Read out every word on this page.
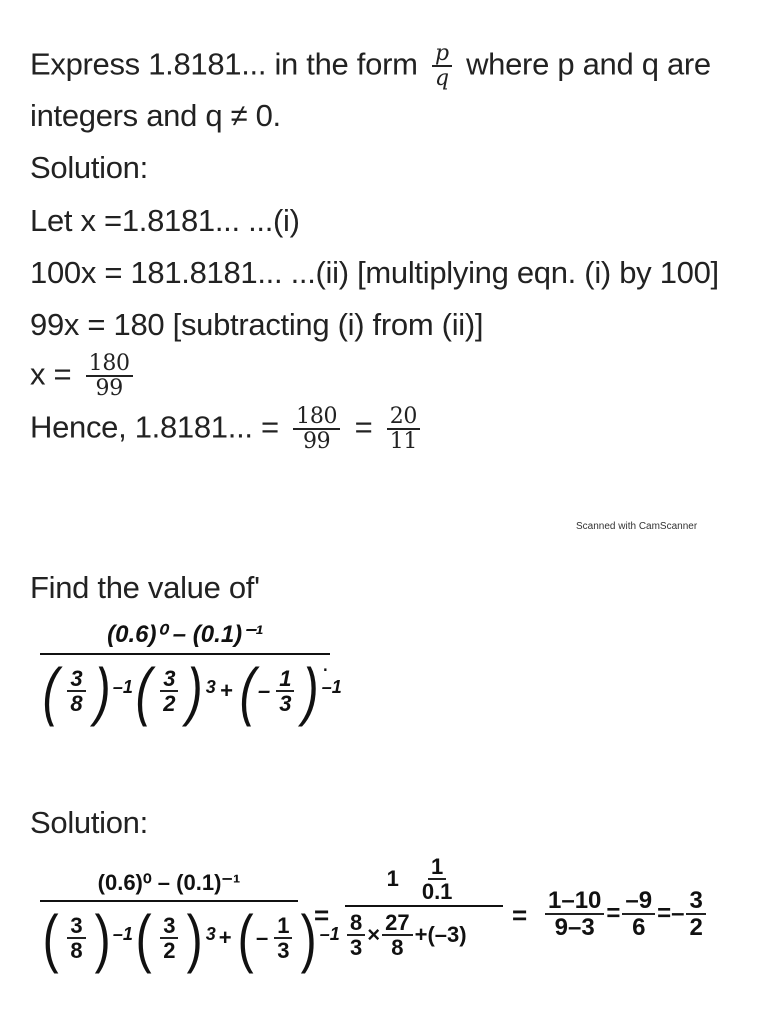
Express 1.8181... in the form $\frac{p}{q}$ where p and q are
integers and q ≠ 0.
Solution:
Let x =1.8181... ...(i)
100x = 181.8181... ...(ii) [multiplying eqn. (i) by 100]
99x = 180 [subtracting (i) from (ii)]
$x = \frac{180}{99}$
Hence, 1.8181... = $\frac{180}{99} = \frac{20}{11}$
Scanned with CamScanner
Find the value of'
(0.6)⁰ – (0.1)⁻¹
( $\frac{3}{8}$ ) –1 ( $\frac{3}{2}$ ) 3 + ( – $\frac{1}{3}$ ) –1
.
Solution:
(0.6)⁰ – (0.1)⁻¹
( $\frac{3}{8}$ ) –1 ( $\frac{3}{2}$ ) 3 + ( – $\frac{1}{3}$ ) –1
=
$1 \frac{1}{0.1}$
$\frac{8}{3} \times \frac{27}{8} +(-3)$
= $\frac{1-10}{9-3} = \frac{-9}{6} =- \frac{3}{2}$
